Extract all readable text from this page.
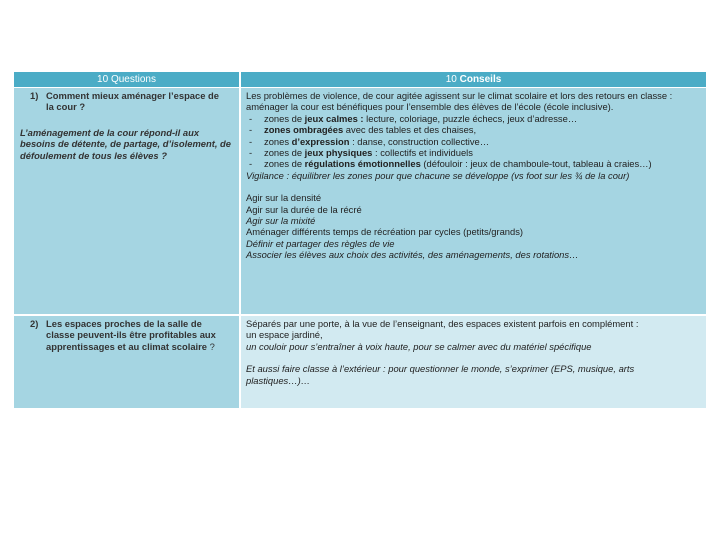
10 Questions	10 Conseils
1) Comment mieux aménager l’espace de la cour ?
L’aménagement de la cour répond-il aux besoins de détente, de partage, d’isolement, de défoulement de tous les élèves ?
Les problèmes de violence, de cour agitée agissent sur le climat scolaire et lors des retours en classe : aménager la cour est bénéfiques pour l’ensemble des élèves de l’école (école inclusive).
- zones de jeux calmes : lecture, coloriage, puzzle échecs, jeux d’adresse…
- zones ombragées avec des tables et des chaises,
- zones d’expression : danse, construction collective…
- zones de jeux physiques : collectifs et individuels
- zones de régulations émotionnelles (défouloir : jeux de chamboule-tout, tableau à craies…)
Vigilance : équilibrer les zones pour que chacune se développe (vs foot sur les ¾ de la cour)
Agir sur la densité
Agir sur la durée de la récré
Agir sur la mixité
Aménager différents temps de récréation par cycles (petits/grands)
Définir et partager des règles de vie
Associer les élèves aux choix des activités, des aménagements, des rotations…
2) Les espaces proches de la salle de classe peuvent-ils être profitables aux apprentissages et au climat scolaire ?
Séparés par une porte, à la vue de l’enseignant, des espaces existent parfois en complément :
un espace jardiné,
un couloir pour s’entraîner à voix haute, pour se calmer avec du matériel spécifique
Et aussi faire classe à l’extérieur : pour questionner le monde, s’exprimer (EPS, musique, arts plastiques…)…
